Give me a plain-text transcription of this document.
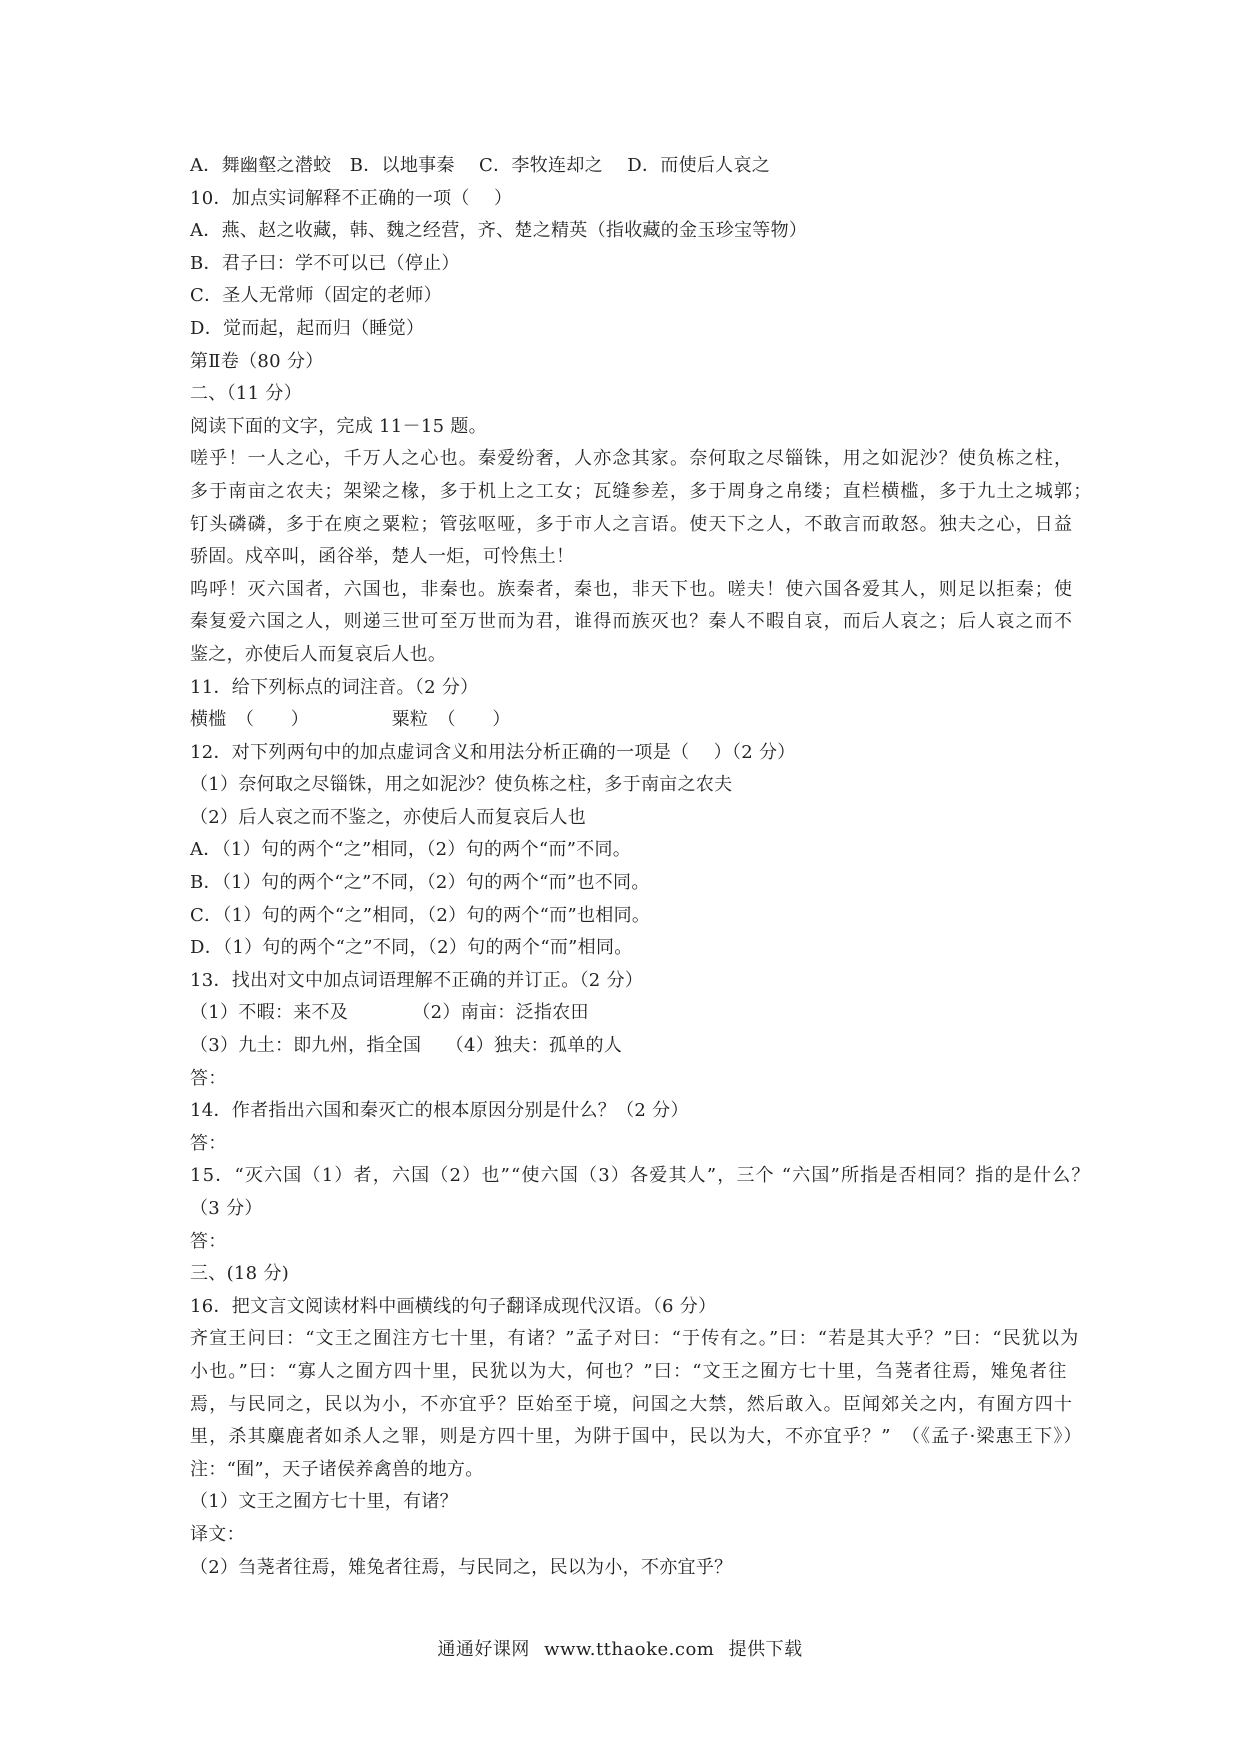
A．舞幽壑之潜蛟　B．以地事秦　 C．李牧连却之　 D．而使后人哀之
10．加点实词解释不正确的一项（　 ）
A．燕、赵之收藏，韩、魏之经营，齐、楚之精英（指收藏的金玉珍宝等物）
B．君子曰：学不可以已（停止）
C．圣人无常师（固定的老师）
D．觉而起，起而归（睡觉）
第Ⅱ卷（80 分）
二、（11 分）
阅读下面的文字，完成 11－15 题。
嗟乎！一人之心，千万人之心也。秦爱纷奢，人亦念其家。奈何取之尽锱铢，用之如泥沙？使负栋之柱，
多于南亩之农夫；架梁之椽，多于机上之工女；瓦缝参差，多于周身之帛缕；直栏横槛，多于九土之城郭；
钉头磷磷，多于在庾之粟粒；管弦呕哑，多于市人之言语。使天下之人，不敢言而敢怒。独夫之心，日益
骄固。戍卒叫，函谷举，楚人一炬，可怜焦土！
呜呼！灭六国者，六国也，非秦也。族秦者，秦也，非天下也。嗟夫！使六国各爱其人，则足以拒秦；使
秦复爱六国之人，则递三世可至万世而为君，谁得而族灭也？秦人不暇自哀，而后人哀之；后人哀之而不
鉴之，亦使后人而复哀后人也。
11．给下列标点的词注音。（2 分）
横槛　（　　）　　　　　粟粒　（　　）
12．对下列两句中的加点虚词含义和用法分析正确的一项是（　 ）（2 分）
（1）奈何取之尽锱铢，用之如泥沙？使负栋之柱，多于南亩之农夫
（2）后人哀之而不鉴之，亦使后人而复哀后人也
A．（1）句的两个“之”相同，（2）句的两个“而”不同。
B．（1）句的两个“之”不同，（2）句的两个“而”也不同。
C．（1）句的两个“之”相同，（2）句的两个“而”也相同。
D．（1）句的两个“之”不同，（2）句的两个“而”相同。
13．找出对文中加点词语理解不正确的并订正。（2 分）
（1）不暇：来不及　　　　（2）南亩：泛指农田
（3）九土：即九州，指全国　 （4）独夫：孤单的人
答：
14．作者指出六国和秦灭亡的根本原因分别是什么？（2 分）
答：
15．“灭六国（1）者，六国（2）也”“使六国（3）各爱其人”，三个 “六国”所指是否相同？指的是什么？
（3 分）
答：
三、(18 分)
16．把文言文阅读材料中画横线的句子翻译成现代汉语。（6 分）
齐宣王问曰：“文王之囿注方七十里，有诸？”孟子对曰：“于传有之。”曰：“若是其大乎？”曰：“民犹以为
小也。”曰：“寡人之囿方四十里，民犹以为大，何也？”曰：“文王之囿方七十里，刍荛者往焉，雉兔者往
焉，与民同之，民以为小，不亦宜乎？臣始至于境，问国之大禁，然后敢入。臣闻郊关之内，有囿方四十
里，杀其麋鹿者如杀人之罪，则是方四十里，为阱于国中，民以为大，不亦宜乎？”　（《孟子·梁惠王下》）
注：“囿”，天子诸侯养禽兽的地方。
（1）文王之囿方七十里，有诸？
译文：
（2）刍荛者往焉，雉兔者往焉，与民同之，民以为小，不亦宜乎？
通通好课网 www.tthaoke.com 提供下载
